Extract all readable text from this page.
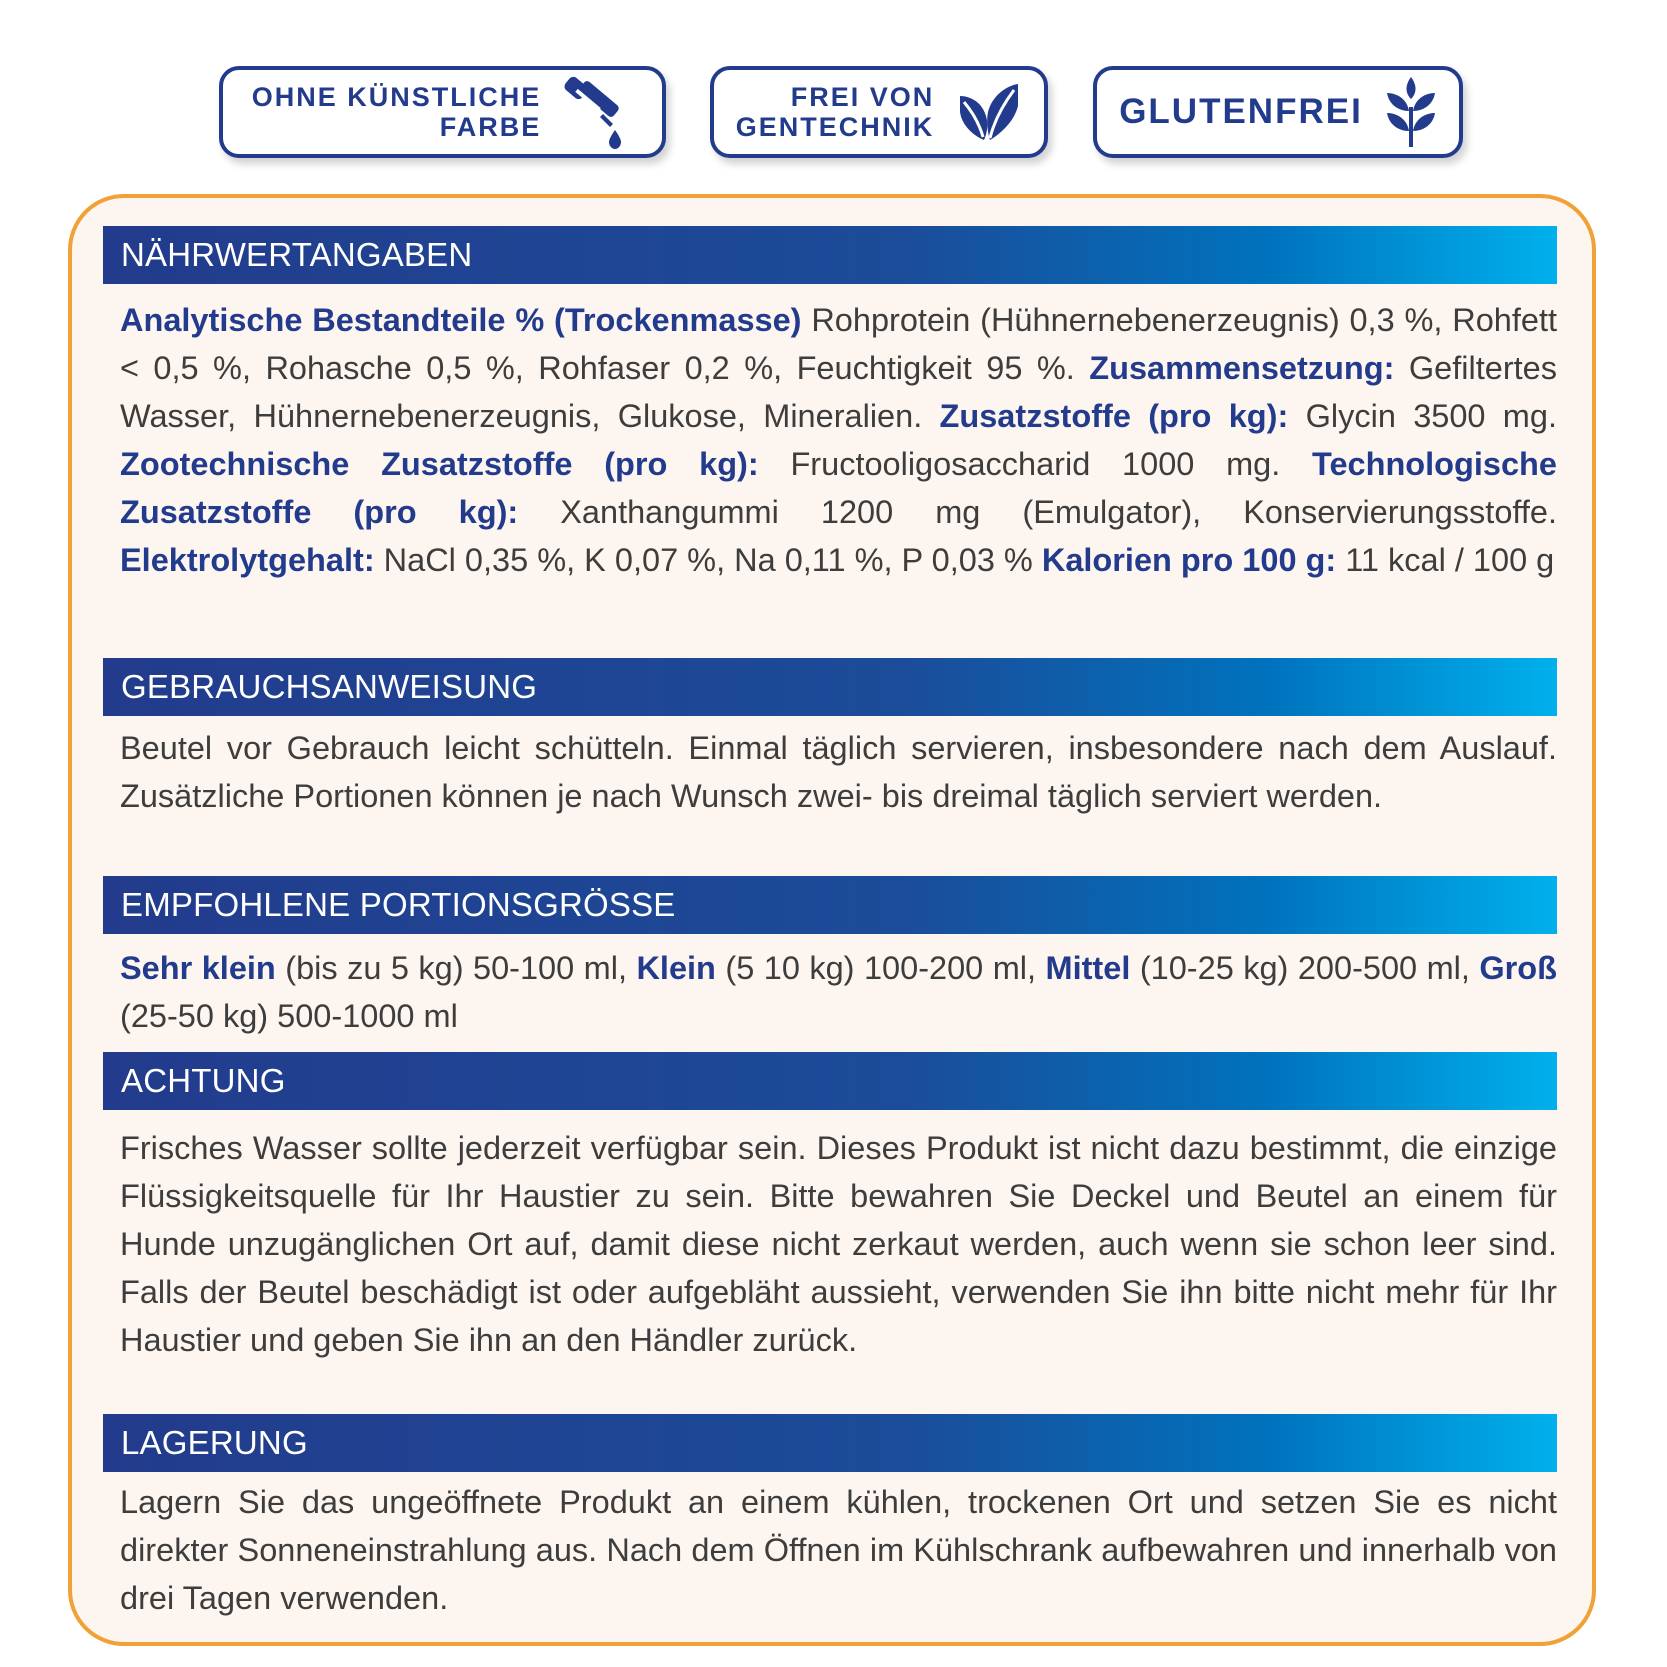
OHNE KÜNSTLICHE
FARBE
FREI VON
GENTECHNIK	GLUTENFREI
NÄHRWERTANGABEN

Analytische Bestandteile % (Trockenmasse) Rohprotein (Hühnernebenerzeugnis) 0,3 %, Rohfett < 0,5 %, Rohasche 0,5 %, Rohfaser 0,2 %, Feuchtigkeit 95 %. Zusammensetzung: Gefiltertes Wasser, Hühnernebenerzeugnis, Glukose, Mineralien. Zusatzstoffe (pro kg): Glycin 3500 mg. Zootechnische Zusatzstoffe (pro kg): Fructooligosaccharid 1000 mg. Technologische Zusatzstoffe (pro kg): Xanthangummi 1200 mg (Emulgator), Konservierungsstoffe. Elektrolytgehalt: NaCl 0,35 %, K 0,07 %, Na 0,11 %, P 0,03 % Kalorien pro 100 g: 11 kcal / 100 g

GEBRAUCHSANWEISUNG

Beutel vor Gebrauch leicht schütteln. Einmal täglich servieren, insbesondere nach dem Auslauf. Zusätzliche Portionen können je nach Wunsch zwei- bis dreimal täglich serviert werden.

EMPFOHLENE PORTIONSGRÖSSE

Sehr klein (bis zu 5 kg) 50-100 ml, Klein (5 10 kg) 100-200 ml, Mittel (10-25 kg) 200-500 ml, Groß (25-50 kg) 500-1000 ml

ACHTUNG

Frisches Wasser sollte jederzeit verfügbar sein. Dieses Produkt ist nicht dazu bestimmt, die einzige Flüssigkeitsquelle für Ihr Haustier zu sein. Bitte bewahren Sie Deckel und Beutel an einem für Hunde unzugänglichen Ort auf, damit diese nicht zerkaut werden, auch wenn sie schon leer sind. Falls der Beutel beschädigt ist oder aufgebläht aussieht, verwenden Sie ihn bitte nicht mehr für Ihr Haustier und geben Sie ihn an den Händler zurück.

LAGERUNG

Lagern Sie das ungeöffnete Produkt an einem kühlen, trockenen Ort und setzen Sie es nicht direkter Sonneneinstrahlung aus. Nach dem Öffnen im Kühlschrank aufbewahren und innerhalb von drei Tagen verwenden.
